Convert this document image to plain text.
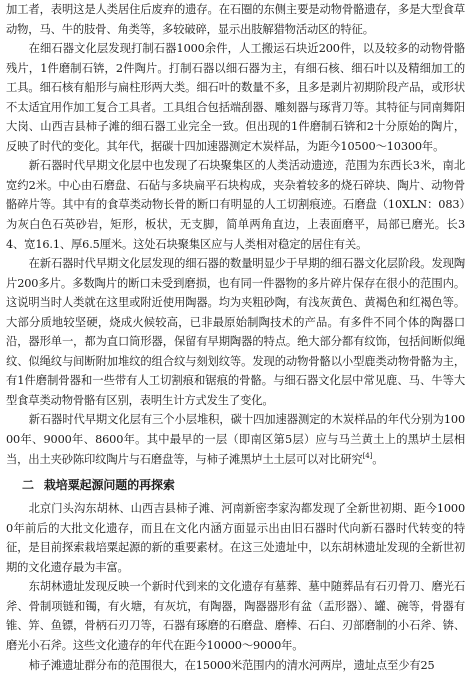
加工者，表明这是人类居住后废弃的遗存。在石圈的东侧主要是动物骨骼遗存，多是大型食草动物，马、牛的肢骨、角类等，多较破碎，显示出肢解猎物活动区的特征。

在细石器文化层发现打制石器1000余件，人工搬运石块近200件，以及较多的动物骨骼残片，1件磨制石锛，2件陶片。打制石器以细石器为主，有细石核、细石叶以及精细加工的工具。细石核有船形与扁柱形两大类。细石叶的数量不多，且多是剥片初期阶段产品，或形状不太适宜用作加工复合工具者。工具组合包括端刮器、雕刻器与琢背刀等。其特征与同南舞阳大岗、山西吉县柿子滩的细石器工业完全一致。但出现的1件磨制石锛和2十分原始的陶片，反映了时代的变化。其年代，据碳十四加速器测定木炭样品，为距今10500～10300年。

新石器时代早期文化层中也发现了石块聚集区的人类活动遗迹，范围为东西长3米，南北宽约2米。中心由石磨盘、石砧与多块扁平石块构成，夹杂着较多的烧石碎块、陶片、动物骨骼碎片等。其中有的食草类动物长骨的断口有明显的人工切割痕迹。石磨盘（10XLN：083）为灰白色石英砂岩，矩形，板状，无支脚，简单两角直边，上表面磨平，局部已磨光。长34、宽16.1、厚6.5厘米。这处石块聚集区应与人类相对稳定的居住有关。

在新石器时代早期文化层发现的细石器的数量明显少于早期的细石器文化层阶段。发现陶片200多片。多数陶片的断口未受到磨损，也有同一件器物的多片碎片保存在很小的范围内。这说明当时人类就在这里或附近使用陶器。均为夹粗砂陶，有浅灰黄色、黄褐色和红褐色等。大部分质地较坚硬，烧成火候较高，已非最原始制陶技术的产品。有多件不同个体的陶器口沿，器形单一，都为直口筒形器，保留有早期陶器的特点。绝大部分都有纹饰，包括间断似绳纹、似绳纹与间断附加堆纹的组合纹与刻划纹等。发现的动物骨骼以小型鹿类动物骨骼为主，有1件磨制骨器和一些带有人工切割痕和锯痕的骨骼。与细石器文化层中常见鹿、马、牛等大型食草类动物骨骼有区别，表明生计方式发生了变化。

新石器时代早期文化层有三个小层堆积，碳十四加速器测定的木炭样品的年代分别为10000年、9000年、8600年。其中最早的一层（即南区第5层）应与马兰黄土上的黑垆土层相当，出土夹砂陈印纹陶片与石磨盘等，与柿子滩黑垆土土层可以对比研究[4]。

二 栽培粟起源问题的再探索

北京门头沟东胡林、山西吉县柿子滩、河南新密李家沟都发现了全新世初期、距今10000年前后的大批文化遗存，而且在文化内涵方面显示出由旧石器时代向新石器时代转变的特征，是目前探索栽培粟起源的新的重要素材。在这三处遗址中，以东胡林遗址发现的全新世初期的文化遗存最为丰富。

东胡林遗址发现反映一个新时代到来的文化遗存有墓葬、墓中随葬品有石刃骨刀、磨光石斧、骨制项链和镯，有火塘，有灰坑，有陶器，陶器器形有盆（盂形器）、罐、碗等，骨器有锥、笄、鱼镖，骨柄石刃刀等，石器有琢磨的石磨盘、磨棒、石臼、刃部磨制的小石斧、锛、磨光小石斧。这些文化遗存的年代在距今10000～9000年。

柿子滩遗址群分布的范围很大，在15000米范围内的清水河两岸，遗址点至少有25
